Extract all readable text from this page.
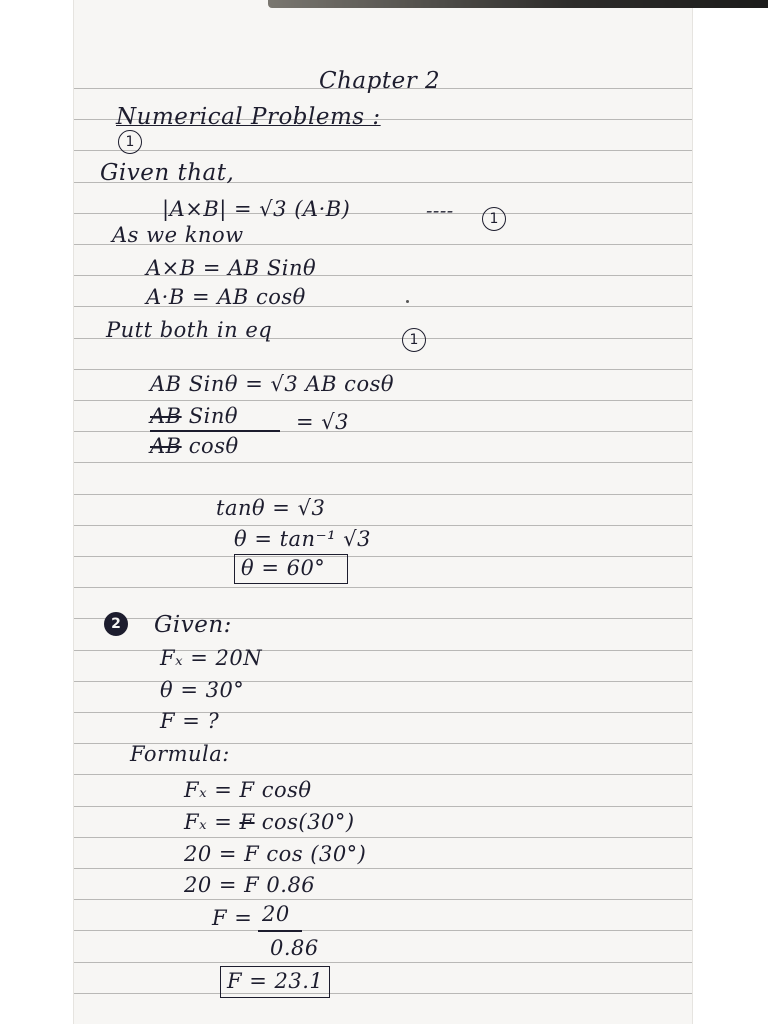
Chapter 2
Numerical Problems :
1
Given that,
|A×B| = √3 (A·B)	----	1
As we know
A×B = AB Sinθ
A·B = AB cosθ
Putt both in eq	1
AB Sinθ = √3 AB cosθ
AB Sinθ	= √3
AB cosθ
tanθ = √3
θ = tan⁻¹ √3
θ = 60°
2	Given:
Fₓ = 20N
θ = 30°
F = ?
Formula:
Fₓ = F cosθ
Fₓ = F cos(30°)
20 = F cos (30°)
20 = F 0.86
F = 20
0.86
F = 23.1
